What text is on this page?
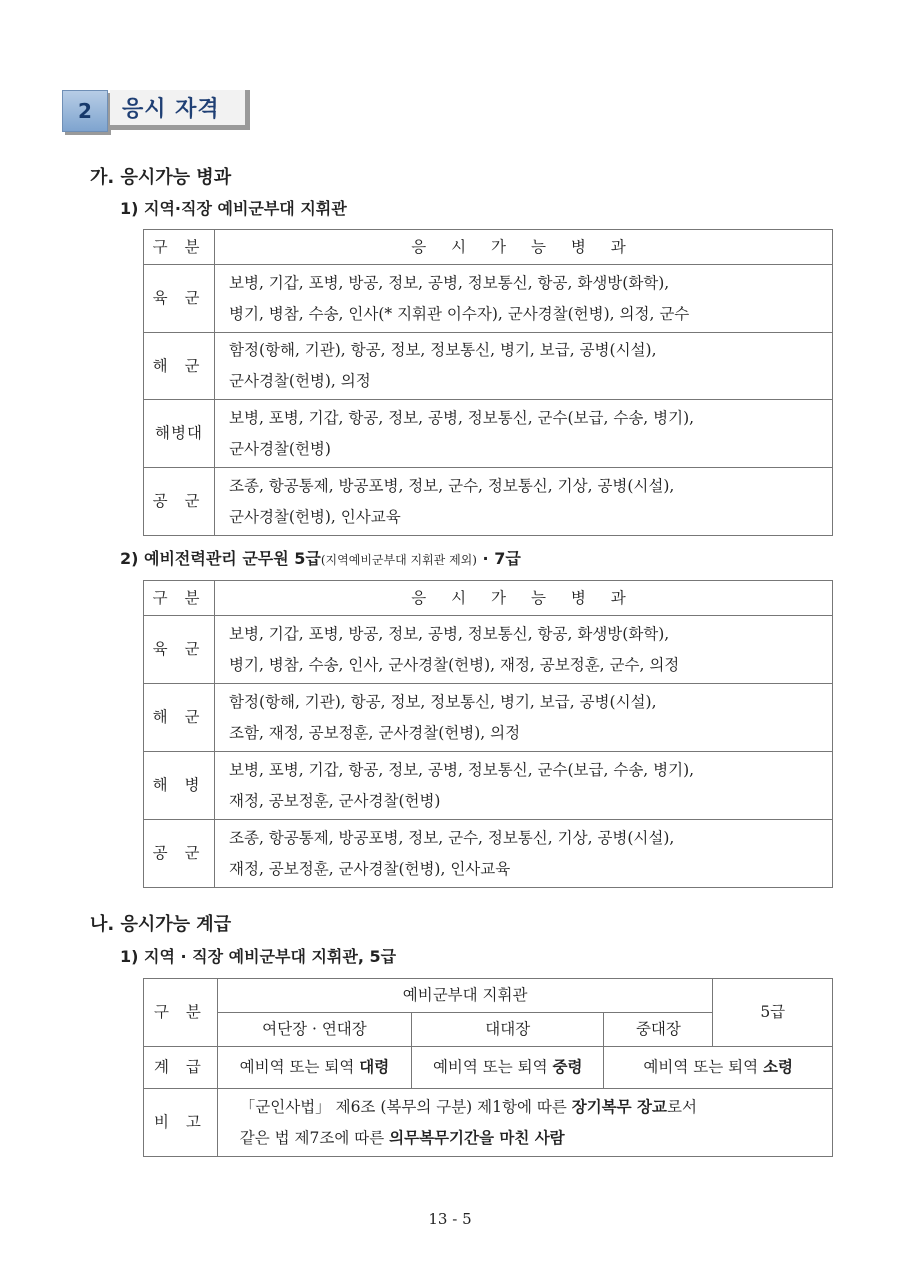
2	응시 자격
가. 응시가능 병과
1) 지역·직장 예비군부대 지휘관
구 분	응 시 가 능 병 과
육 군	보병, 기갑, 포병, 방공, 정보, 공병, 정보통신, 항공, 화생방(화학),
병기, 병참, 수송, 인사(* 지휘관 이수자), 군사경찰(헌병), 의정, 군수

해 군	함정(항해, 기관), 항공, 정보, 정보통신, 병기, 보급, 공병(시설),
군사경찰(헌병), 의정

해병대	보병, 포병, 기갑, 항공, 정보, 공병, 정보통신, 군수(보급, 수송, 병기),
군사경찰(헌병)

공 군	조종, 항공통제, 방공포병, 정보, 군수, 정보통신, 기상, 공병(시설),
군사경찰(헌병), 인사교육
2) 예비전력관리 군무원 5급(지역예비군부대 지휘관 제외) · 7급
구 분	응 시 가 능 병 과
육 군	보병, 기갑, 포병, 방공, 정보, 공병, 정보통신, 항공, 화생방(화학),
병기, 병참, 수송, 인사, 군사경찰(헌병), 재정, 공보정훈, 군수, 의정

해 군	함정(항해, 기관), 항공, 정보, 정보통신, 병기, 보급, 공병(시설),
조함, 재정, 공보정훈, 군사경찰(헌병), 의정

해 병	보병, 포병, 기갑, 항공, 정보, 공병, 정보통신, 군수(보급, 수송, 병기),
재정, 공보정훈, 군사경찰(헌병)

공 군	조종, 항공통제, 방공포병, 정보, 군수, 정보통신, 기상, 공병(시설),
재정, 공보정훈, 군사경찰(헌병), 인사교육
나. 응시가능 계급
1) 지역 · 직장 예비군부대 지휘관, 5급
구 분	예비군부대 지휘관			5급
	여단장 · 연대장	대대장	중대장	
계 급	예비역 또는 퇴역 대령	예비역 또는 퇴역 중령	예비역 또는 퇴역 소령	
비 고	「군인사법」 제6조 (복무의 구분) 제1항에 따른 장기복무 장교로서
같은 법 제7조에 따른 의무복무기간을 마친 사람			
13 - 5
